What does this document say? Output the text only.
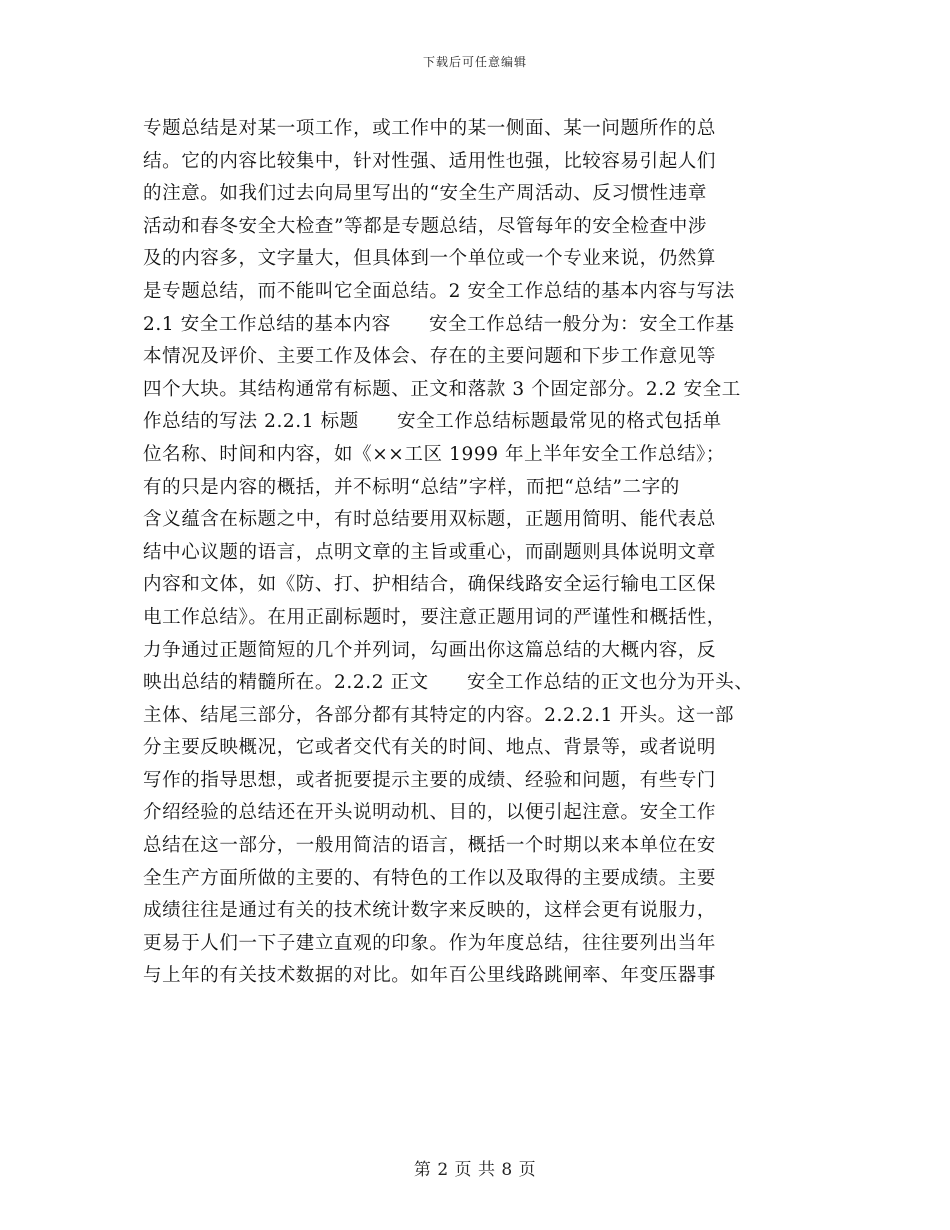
下载后可任意编辑
专题总结是对某一项工作，或工作中的某一侧面、某一问题所作的总
结。它的内容比较集中，针对性强、适用性也强，比较容易引起人们
的注意。如我们过去向局里写出的“安全生产周活动、反习惯性违章
活动和春冬安全大检查”等都是专题总结，尽管每年的安全检查中涉
及的内容多，文字量大，但具体到一个单位或一个专业来说，仍然算
是专题总结，而不能叫它全面总结。2 安全工作总结的基本内容与写法
2.1 安全工作总结的基本内容　　安全工作总结一般分为：安全工作基
本情况及评价、主要工作及体会、存在的主要问题和下步工作意见等
四个大块。其结构通常有标题、正文和落款 3 个固定部分。2.2 安全工
作总结的写法 2.2.1 标题　　安全工作总结标题最常见的格式包括单
位名称、时间和内容，如《××工区 1999 年上半年安全工作总结》；
有的只是内容的概括，并不标明“总结”字样，而把“总结”二字的
含义蕴含在标题之中，有时总结要用双标题，正题用简明、能代表总
结中心议题的语言，点明文章的主旨或重心，而副题则具体说明文章
内容和文体，如《防、打、护相结合，确保线路安全运行输电工区保
电工作总结》。在用正副标题时，要注意正题用词的严谨性和概括性，
力争通过正题简短的几个并列词，勾画出你这篇总结的大概内容，反
映出总结的精髓所在。2.2.2 正文　　安全工作总结的正文也分为开头、
主体、结尾三部分，各部分都有其特定的内容。2.2.2.1 开头。这一部
分主要反映概况，它或者交代有关的时间、地点、背景等，或者说明
写作的指导思想，或者扼要提示主要的成绩、经验和问题，有些专门
介绍经验的总结还在开头说明动机、目的，以便引起注意。安全工作
总结在这一部分，一般用简洁的语言，概括一个时期以来本单位在安
全生产方面所做的主要的、有特色的工作以及取得的主要成绩。主要
成绩往往是通过有关的技术统计数字来反映的，这样会更有说服力，
更易于人们一下子建立直观的印象。作为年度总结，往往要列出当年
与上年的有关技术数据的对比。如年百公里线路跳闸率、年变压器事
第 2 页 共 8 页
